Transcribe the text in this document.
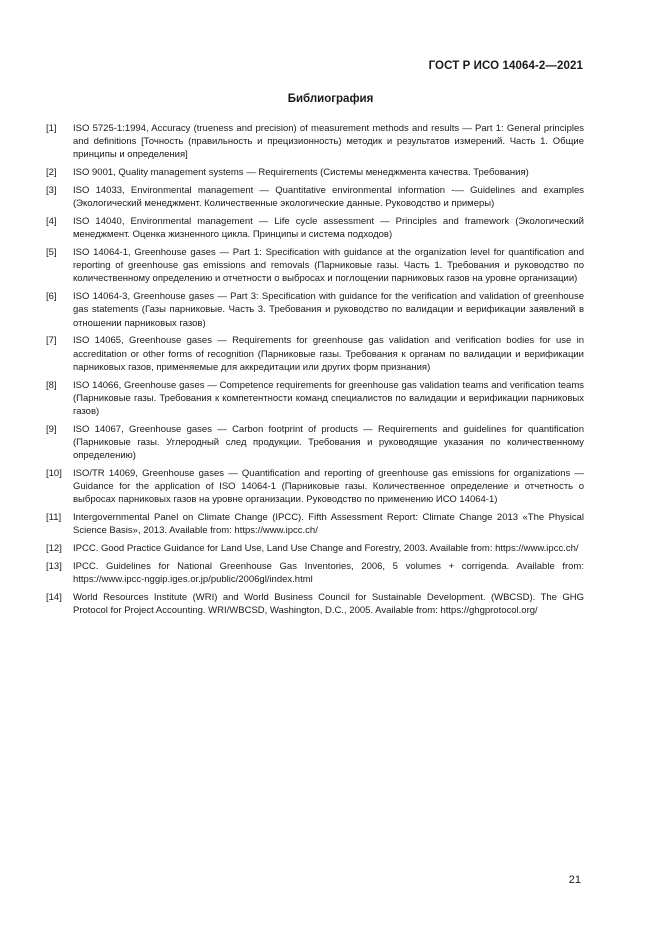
ГОСТ Р ИСО 14064-2—2021
Библиография
[1]	ISO 5725-1:1994, Accuracy (trueness and precision) of measurement methods and results — Part 1: General principles and definitions [Точность (правильность и прецизионность) методик и результатов измерений. Часть 1. Общие принципы и определения]
[2]	ISO 9001, Quality management systems — Requirements (Системы менеджмента качества. Требования)
[3]	ISO 14033, Environmental management — Quantitative environmental information -— Guidelines and examples (Экологический менеджмент. Количественные экологические данные. Руководство и примеры)
[4]	ISO 14040, Environmental management — Life cycle assessment — Principles and framework (Экологический менеджмент. Оценка жизненного цикла. Принципы и система подходов)
[5]	ISO 14064-1, Greenhouse gases — Part 1: Specification with guidance at the organization level for quantification and reporting of greenhouse gas emissions and removals (Парниковые газы. Часть 1. Требования и руководство по количественному определению и отчетности о выбросах и поглощении парниковых газов на уровне организации)
[6]	ISO 14064-3, Greenhouse gases — Part 3: Specification with guidance for the verification and validation of greenhouse gas statements (Газы парниковые. Часть 3. Требования и руководство по валидации и верификации заявлений в отношении парниковых газов)
[7]	ISO 14065, Greenhouse gases — Requirements for greenhouse gas validation and verification bodies for use in accreditation or other forms of recognition (Парниковые газы. Требования к органам по валидации и верификации парниковых газов, применяемые для аккредитации или других форм признания)
[8]	ISO 14066, Greenhouse gases — Competence requirements for greenhouse gas validation teams and verification teams (Парниковые газы. Требования к компетентности команд специалистов по валидации и верификации парниковых газов)
[9]	ISO 14067, Greenhouse gases — Carbon footprint of products — Requirements and guidelines for quantification (Парниковые газы. Углеродный след продукции. Требования и руководящие указания по количественному определению)
[10]	ISO/TR 14069, Greenhouse gases — Quantification and reporting of greenhouse gas emissions for organizations — Guidance for the application of ISO 14064-1 (Парниковые газы. Количественное определение и отчетность о выбросах парниковых газов на уровне организации. Руководство по применению ИСО 14064-1)
[11]	Intergovernmental Panel on Climate Change (IPCC). Fifth Assessment Report: Climate Change 2013 «The Physical Science Basis», 2013. Available from: https://www.ipcc.ch/
[12]	IPCC. Good Practice Guidance for Land Use, Land Use Change and Forestry, 2003. Available from: https://www.ipcc.ch/
[13]	IPCC. Guidelines for National Greenhouse Gas Inventories, 2006, 5 volumes + corrigenda. Available from: https://www.ipcc-nggip.iges.or.jp/public/2006gl/index.html
[14]	World Resources Institute (WRI) and World Business Council for Sustainable Development. (WBCSD). The GHG Protocol for Project Accounting. WRI/WBCSD, Washington, D.C., 2005. Available from: https://ghgprotocol.org/
21
